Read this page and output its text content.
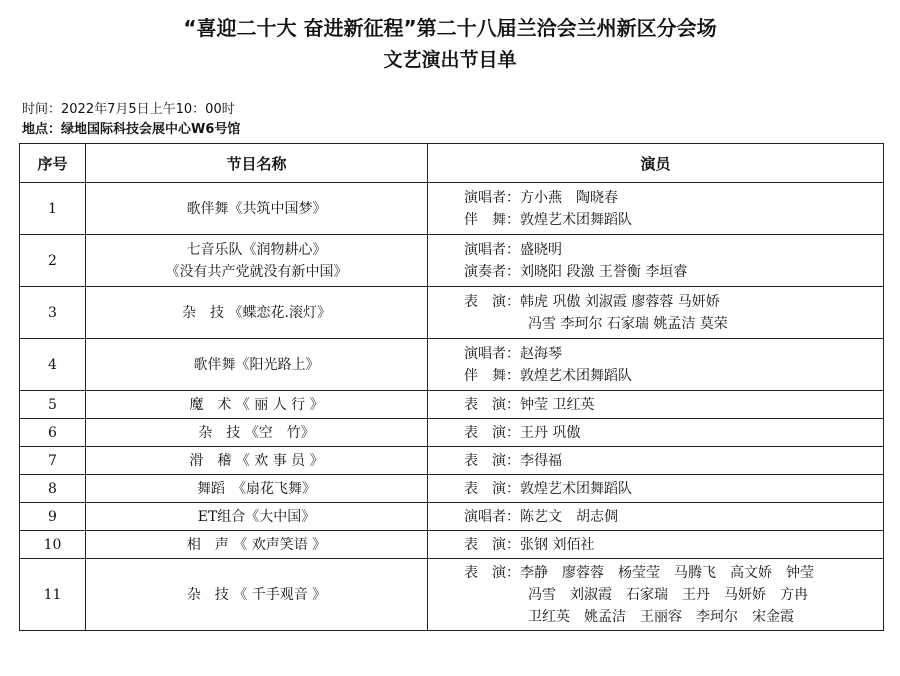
“喜迎二十大 奋进新征程”第二十八届兰洽会兰州新区分会场
文艺演出节目单
时间：2022年7月5日上午10：00时
地点：绿地国际科技会展中心W6号馆
序号	节目名称	演员
1	歌伴舞《共筑中国梦》	演唱者：方小燕　陶晓春
伴　舞：敦煌艺术团舞蹈队

2	七音乐队《润物耕心》
《没有共产党就没有新中国》	演唱者：盛晓明
演奏者：刘晓阳 段激 王誉衡 李垣睿

3	杂　技 《蝶恋花.滚灯》	表　演：韩虎 巩傲 刘淑霞 廖蓉蓉 马妍娇
冯雪 李珂尔 石家瑞 姚孟洁 莫荣

4	歌伴舞《阳光路上》	演唱者：赵海琴
伴　舞：敦煌艺术团舞蹈队

5	魔　术 《 丽 人 行 》	表　演：钟莹 卫红英

6	杂　技 《空　竹》	表　演：王丹 巩傲

7	滑　稽 《 欢 事 员 》	表　演：李得福

8	舞蹈　《扇花飞舞》	表　演：敦煌艺术团舞蹈队

9	ET组合《大中国》	演唱者：陈艺文　胡志倜

10	相　声 《 欢声笑语 》	表　演：张钢 刘佰社

11	杂　技 《 千手观音 》	表　演：李静　廖蓉蓉　杨莹莹　马腾飞　高文娇　钟莹
冯雪　刘淑霞　石家瑞　王丹　马妍娇　方冉
卫红英　姚孟洁　王丽容　李珂尔　宋金霞
